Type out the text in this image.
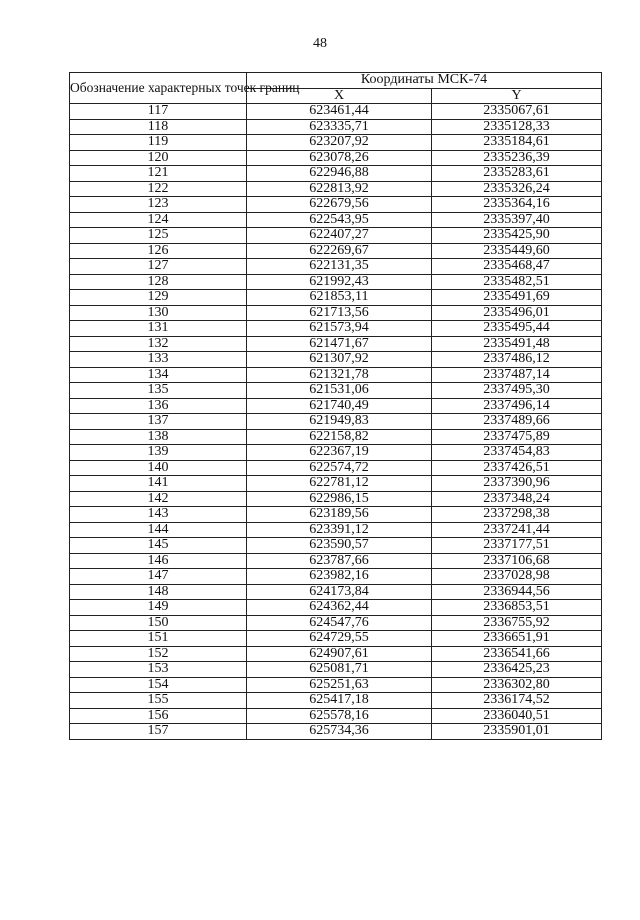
48
Обозначение характерных точек границ	Координаты МСК-74	
	X	Y
117	623461,44	2335067,61
118	623335,71	2335128,33
119	623207,92	2335184,61
120	623078,26	2335236,39
121	622946,88	2335283,61
122	622813,92	2335326,24
123	622679,56	2335364,16
124	622543,95	2335397,40
125	622407,27	2335425,90
126	622269,67	2335449,60
127	622131,35	2335468,47
128	621992,43	2335482,51
129	621853,11	2335491,69
130	621713,56	2335496,01
131	621573,94	2335495,44
132	621471,67	2335491,48
133	621307,92	2337486,12
134	621321,78	2337487,14
135	621531,06	2337495,30
136	621740,49	2337496,14
137	621949,83	2337489,66
138	622158,82	2337475,89
139	622367,19	2337454,83
140	622574,72	2337426,51
141	622781,12	2337390,96
142	622986,15	2337348,24
143	623189,56	2337298,38
144	623391,12	2337241,44
145	623590,57	2337177,51
146	623787,66	2337106,68
147	623982,16	2337028,98
148	624173,84	2336944,56
149	624362,44	2336853,51
150	624547,76	2336755,92
151	624729,55	2336651,91
152	624907,61	2336541,66
153	625081,71	2336425,23
154	625251,63	2336302,80
155	625417,18	2336174,52
156	625578,16	2336040,51
157	625734,36	2335901,01
